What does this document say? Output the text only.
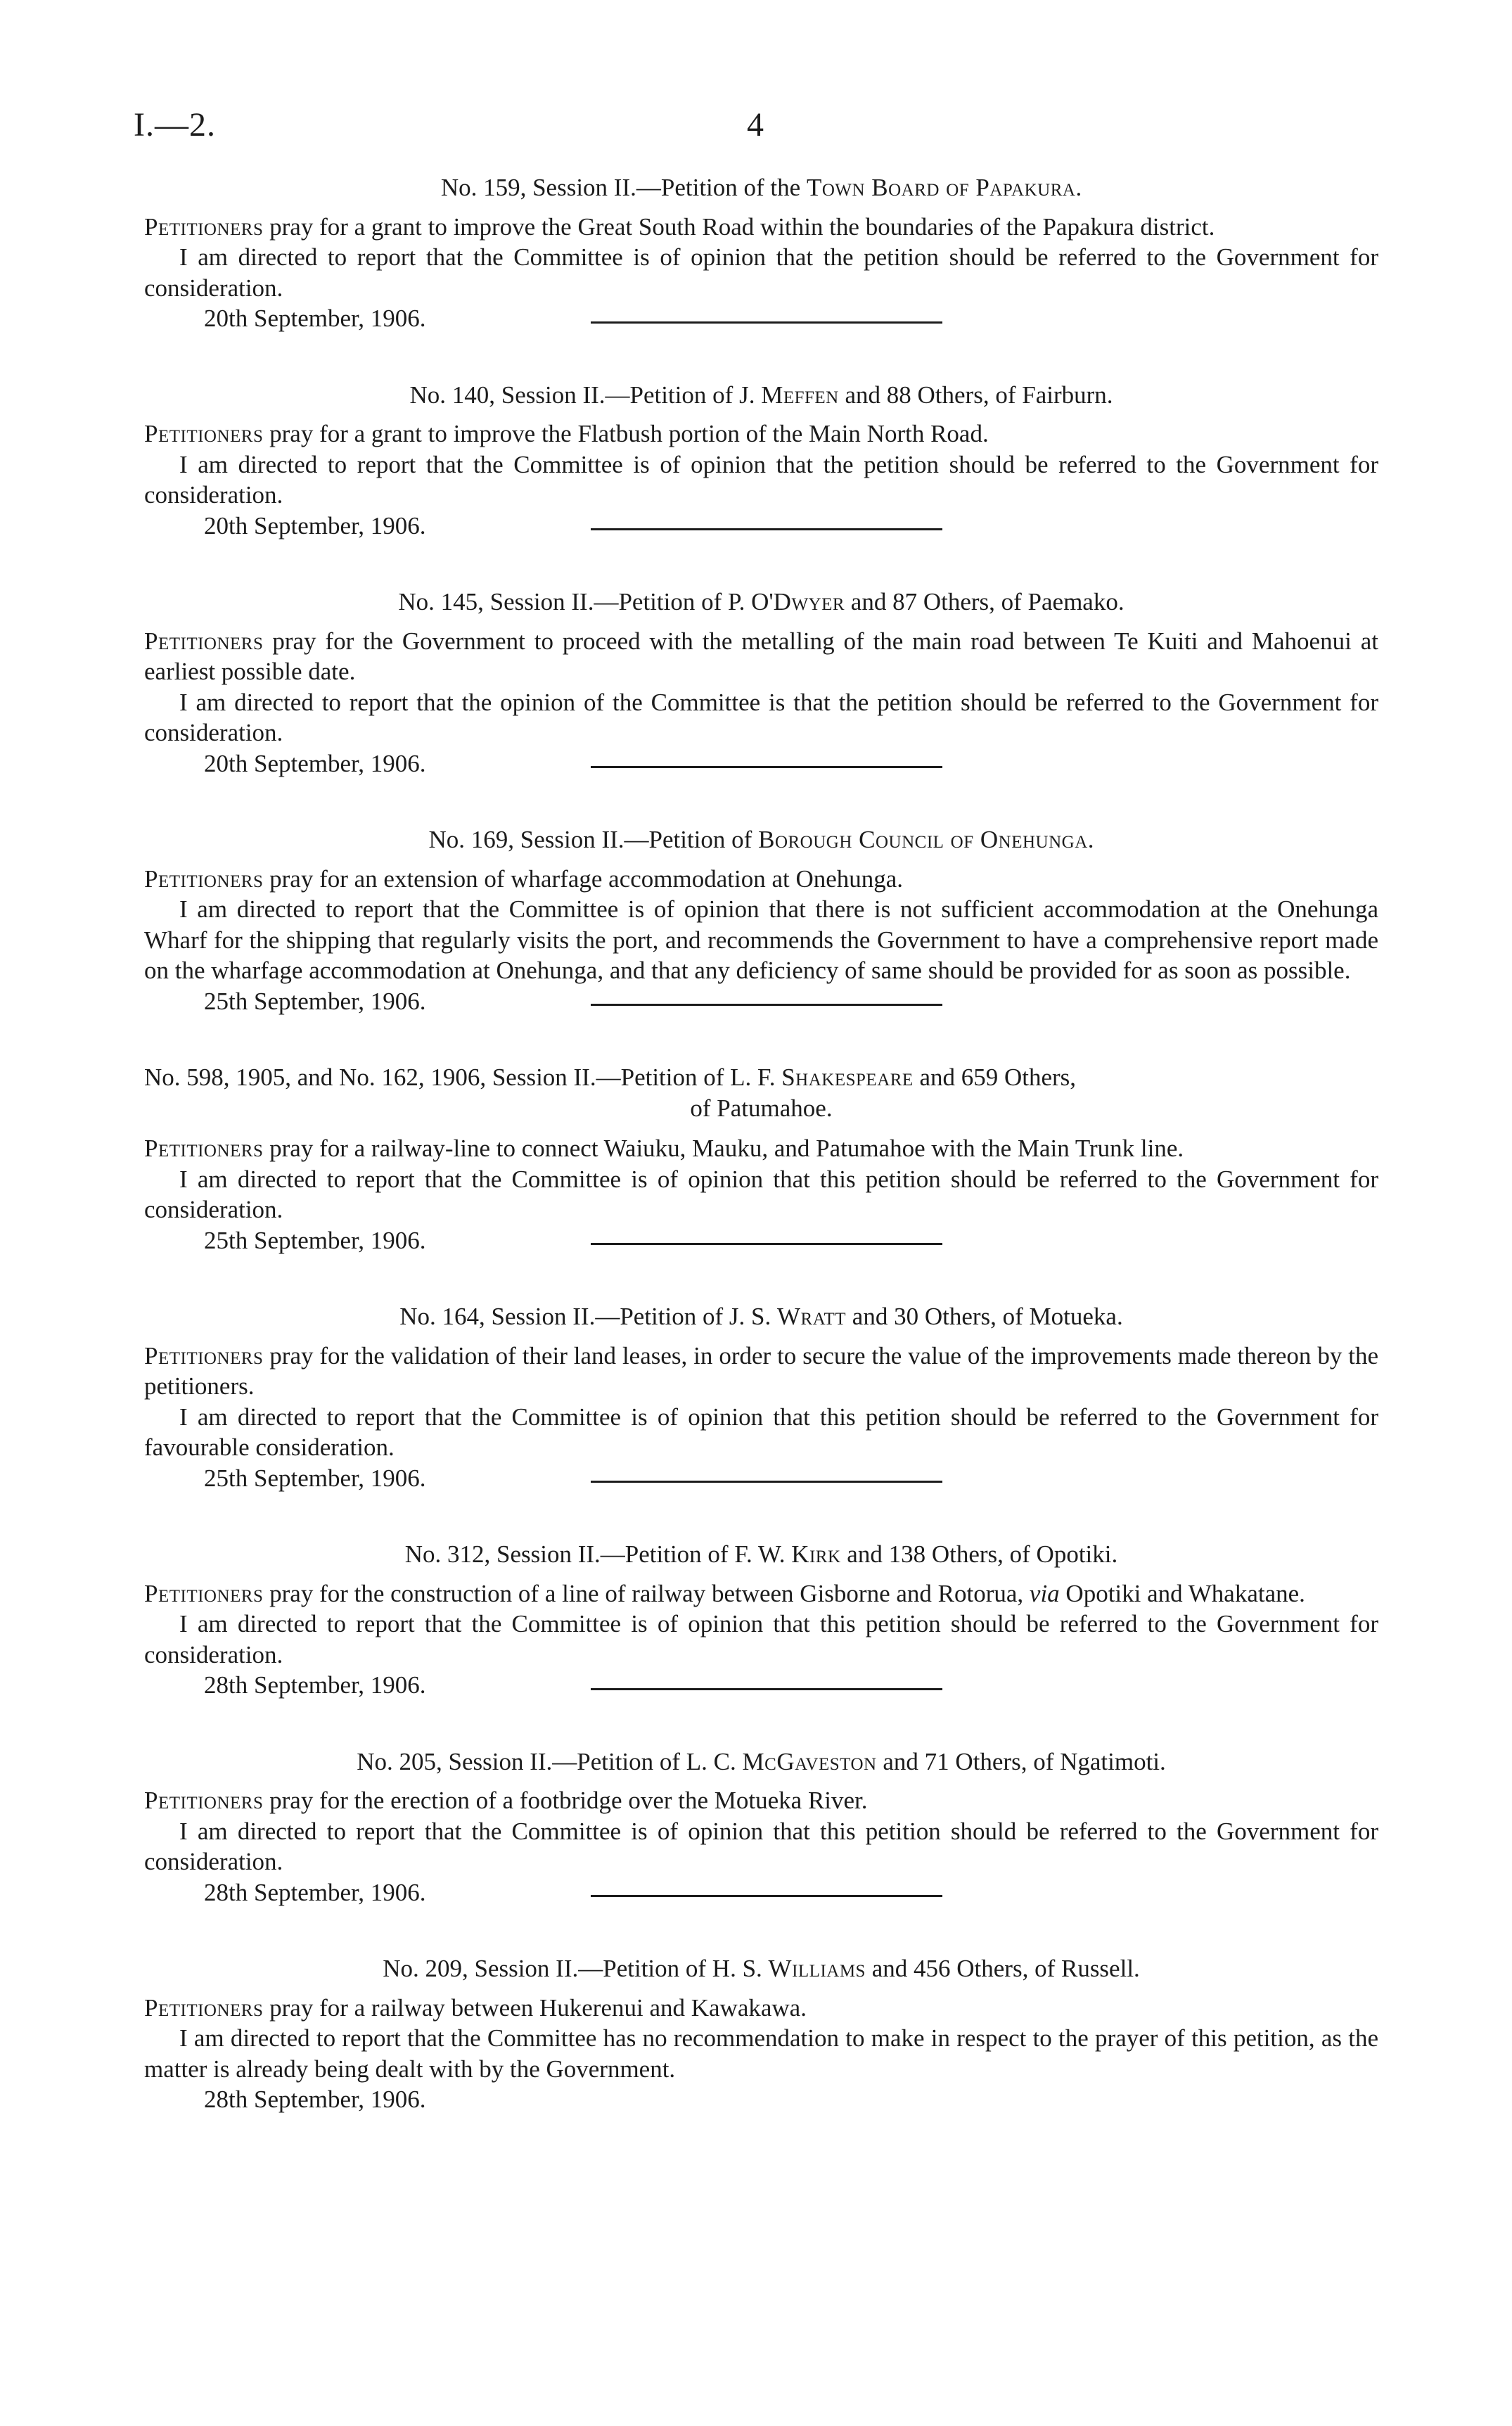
I.—2.	4

No. 159, Session II.—Petition of the Town Board of Papakura.

Petitioners pray for a grant to improve the Great South Road within the boundaries of the Papakura district.

I am directed to report that the Committee is of opinion that the petition should be referred to the Government for consideration.

20th September, 1906.

No. 140, Session II.—Petition of J. Meffen and 88 Others, of Fairburn.

Petitioners pray for a grant to improve the Flatbush portion of the Main North Road.

I am directed to report that the Committee is of opinion that the petition should be referred to the Government for consideration.

20th September, 1906.

No. 145, Session II.—Petition of P. O'Dwyer and 87 Others, of Paemako.

Petitioners pray for the Government to proceed with the metalling of the main road between Te Kuiti and Mahoenui at earliest possible date.

I am directed to report that the opinion of the Committee is that the petition should be referred to the Government for consideration.

20th September, 1906.

No. 169, Session II.—Petition of Borough Council of Onehunga.

Petitioners pray for an extension of wharfage accommodation at Onehunga.

I am directed to report that the Committee is of opinion that there is not sufficient accommodation at the Onehunga Wharf for the shipping that regularly visits the port, and recommends the Government to have a comprehensive report made on the wharfage accommodation at Onehunga, and that any deficiency of same should be provided for as soon as possible.

25th September, 1906.

No. 598, 1905, and No. 162, 1906, Session II.—Petition of L. F. Shakespeare and 659 Others,
of Patumahoe.

Petitioners pray for a railway-line to connect Waiuku, Mauku, and Patumahoe with the Main Trunk line.

I am directed to report that the Committee is of opinion that this petition should be referred to the Government for consideration.

25th September, 1906.

No. 164, Session II.—Petition of J. S. Wratt and 30 Others, of Motueka.

Petitioners pray for the validation of their land leases, in order to secure the value of the improvements made thereon by the petitioners.

I am directed to report that the Committee is of opinion that this petition should be referred to the Government for favourable consideration.

25th September, 1906.

No. 312, Session II.—Petition of F. W. Kirk and 138 Others, of Opotiki.

Petitioners pray for the construction of a line of railway between Gisborne and Rotorua, via Opotiki and Whakatane.

I am directed to report that the Committee is of opinion that this petition should be referred to the Government for consideration.

28th September, 1906.

No. 205, Session II.—Petition of L. C. McGaveston and 71 Others, of Ngatimoti.

Petitioners pray for the erection of a footbridge over the Motueka River.

I am directed to report that the Committee is of opinion that this petition should be referred to the Government for consideration.

28th September, 1906.

No. 209, Session II.—Petition of H. S. Williams and 456 Others, of Russell.

Petitioners pray for a railway between Hukerenui and Kawakawa.

I am directed to report that the Committee has no recommendation to make in respect to the prayer of this petition, as the matter is already being dealt with by the Government.

28th September, 1906.
